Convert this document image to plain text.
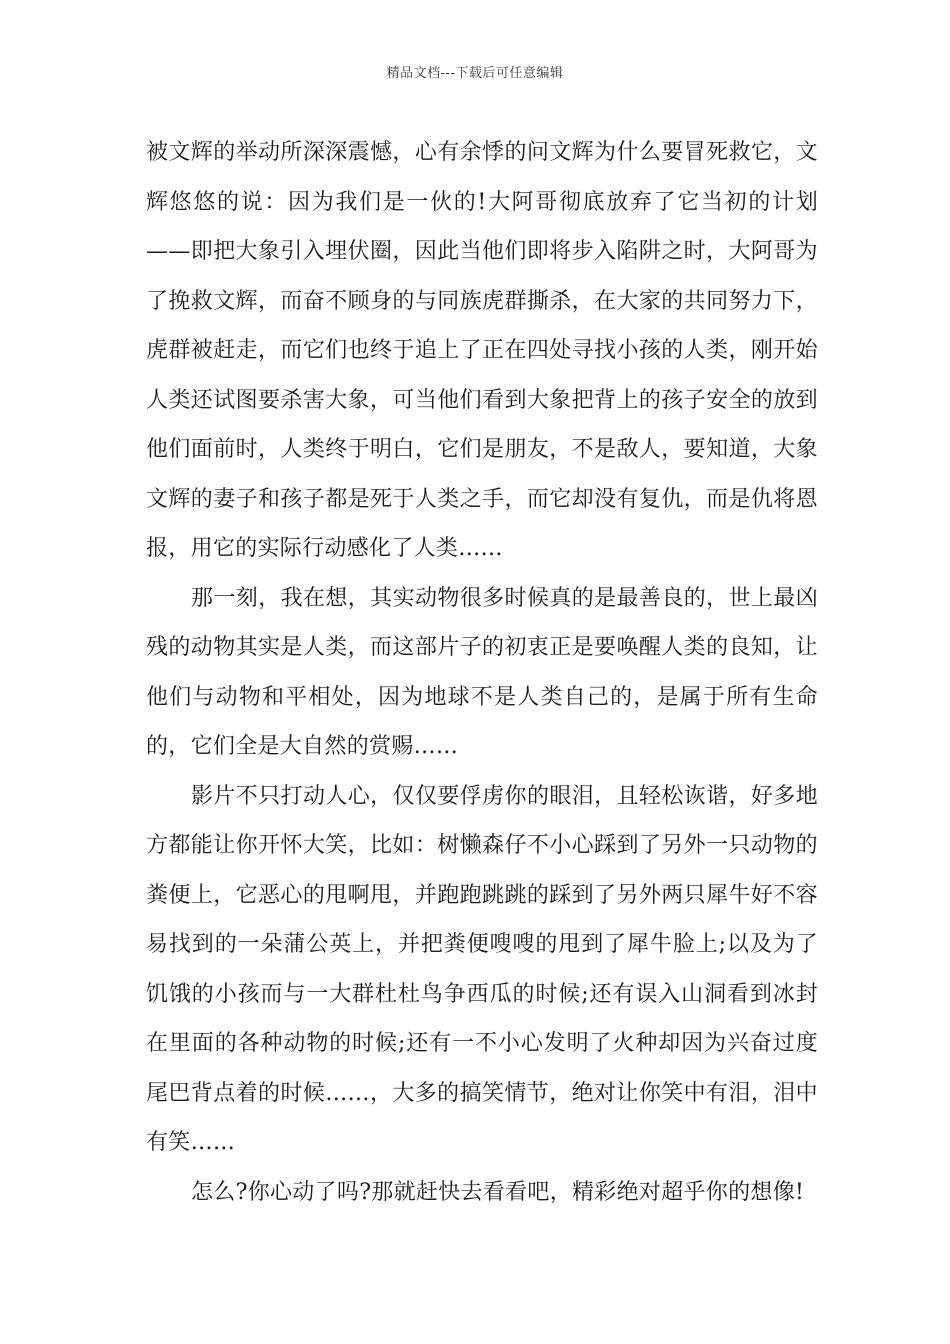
精品文档---下载后可任意编辑

被文辉的举动所深深震憾，心有余悸的问文辉为什么要冒死救它，文辉悠悠的说：因为我们是一伙的!大阿哥彻底放弃了它当初的计划——即把大象引入埋伏圈，因此当他们即将步入陷阱之时，大阿哥为了挽救文辉，而奋不顾身的与同族虎群撕杀，在大家的共同努力下，虎群被赶走，而它们也终于追上了正在四处寻找小孩的人类，刚开始人类还试图要杀害大象，可当他们看到大象把背上的孩子安全的放到他们面前时，人类终于明白，它们是朋友，不是敌人，要知道，大象文辉的妻子和孩子都是死于人类之手，而它却没有复仇，而是仇将恩报，用它的实际行动感化了人类……

那一刻，我在想，其实动物很多时候真的是最善良的，世上最凶残的动物其实是人类，而这部片子的初衷正是要唤醒人类的良知，让他们与动物和平相处，因为地球不是人类自己的，是属于所有生命的，它们全是大自然的赏赐……

影片不只打动人心，仅仅要俘虏你的眼泪，且轻松诙谐，好多地方都能让你开怀大笑，比如：树懒森仔不小心踩到了另外一只动物的粪便上，它恶心的甩啊甩，并跑跑跳跳的踩到了另外两只犀牛好不容易找到的一朵蒲公英上，并把粪便嗖嗖的甩到了犀牛脸上;以及为了饥饿的小孩而与一大群杜杜鸟争西瓜的时候;还有误入山洞看到冰封在里面的各种动物的时候;还有一不小心发明了火种却因为兴奋过度尾巴背点着的时候……，大多的搞笑情节，绝对让你笑中有泪，泪中有笑……

怎么?你心动了吗?那就赶快去看看吧，精彩绝对超乎你的想像!
